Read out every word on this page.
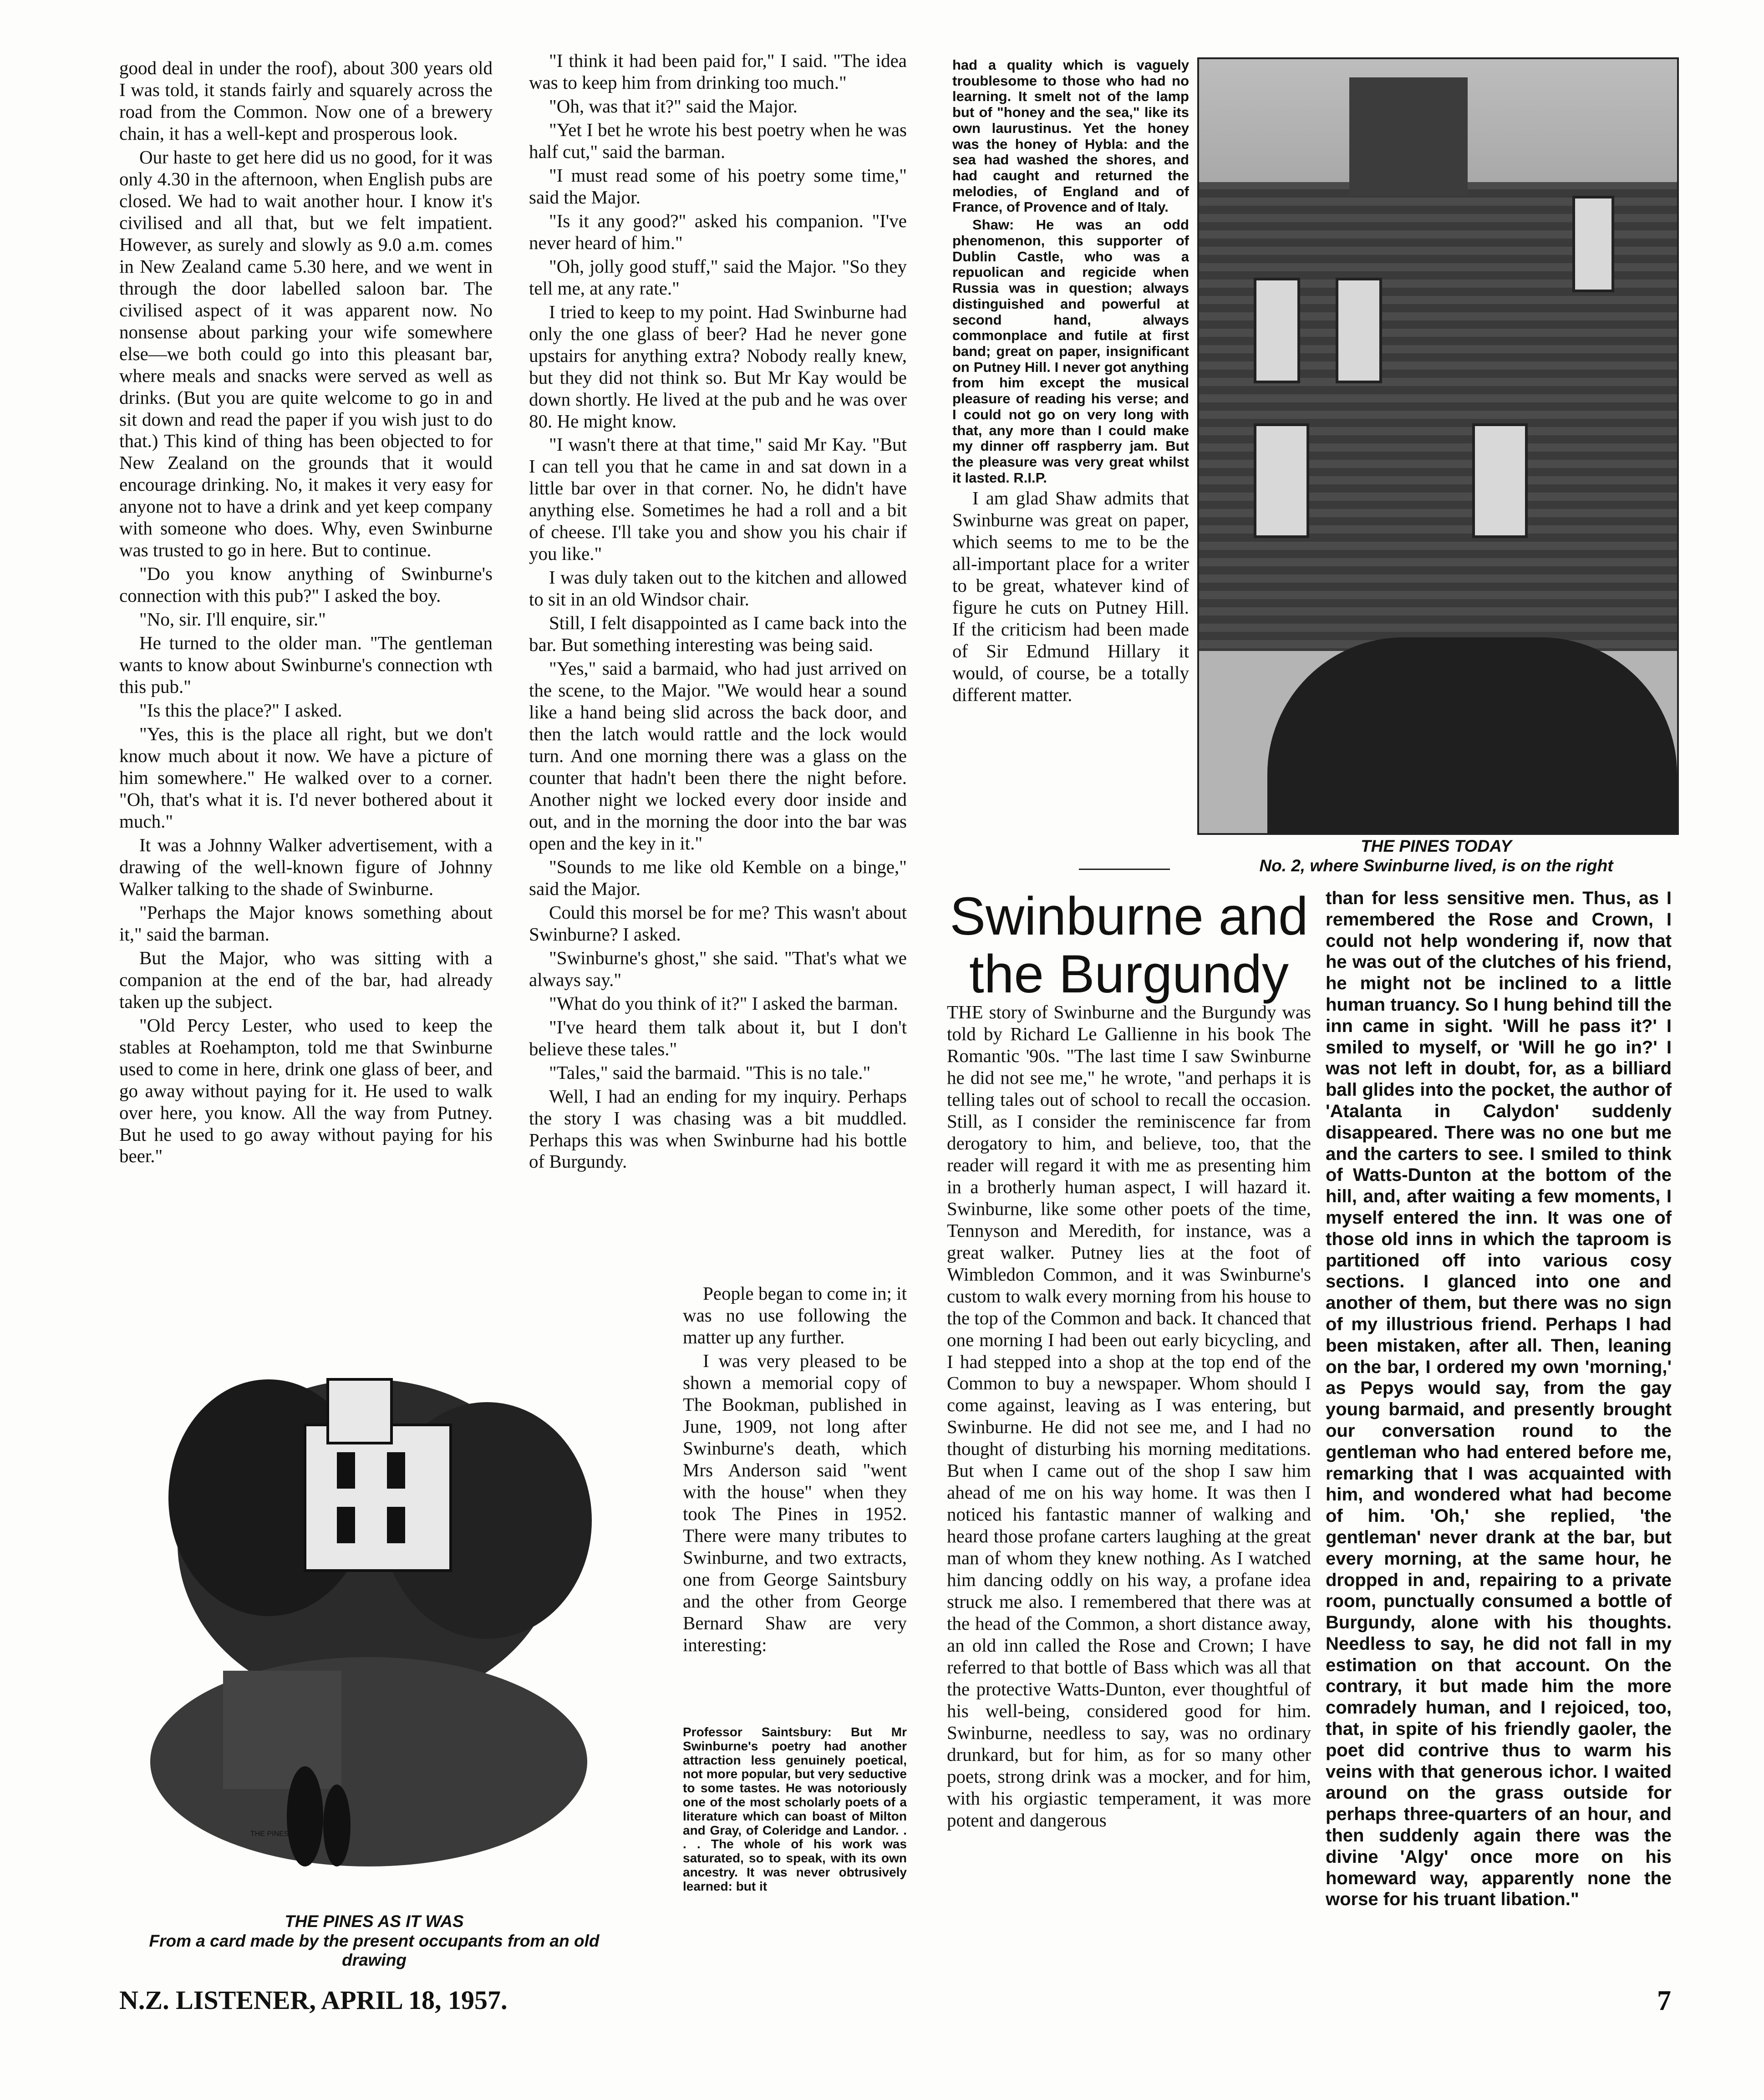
good deal in under the roof), about 300 years old I was told, it stands fairly and squarely across the road from the Common. Now one of a brewery chain, it has a well-kept and prosperous look.

Our haste to get here did us no good, for it was only 4.30 in the afternoon, when English pubs are closed. We had to wait another hour. I know it's civilised and all that, but we felt impatient. However, as surely and slowly as 9.0 a.m. comes in New Zealand came 5.30 here, and we went in through the door labelled saloon bar. The civilised aspect of it was apparent now. No nonsense about parking your wife somewhere else—we both could go into this pleasant bar, where meals and snacks were served as well as drinks. (But you are quite welcome to go in and sit down and read the paper if you wish just to do that.) This kind of thing has been objected to for New Zealand on the grounds that it would encourage drinking. No, it makes it very easy for anyone not to have a drink and yet keep company with someone who does. Why, even Swinburne was trusted to go in here. But to continue.

"Do you know anything of Swinburne's connection with this pub?" I asked the boy.

"No, sir. I'll enquire, sir."

He turned to the older man. "The gentleman wants to know about Swinburne's connection wth this pub."

"Is this the place?" I asked.

"Yes, this is the place all right, but we don't know much about it now. We have a picture of him somewhere." He walked over to a corner. "Oh, that's what it is. I'd never bothered about it much."

It was a Johnny Walker advertisement, with a drawing of the well-known figure of Johnny Walker talking to the shade of Swinburne.

"Perhaps the Major knows something about it," said the barman.

But the Major, who was sitting with a companion at the end of the bar, had already taken up the subject.

"Old Percy Lester, who used to keep the stables at Roehampton, told me that Swinburne used to come in here, drink one glass of beer, and go away without paying for it. He used to walk over here, you know. All the way from Putney. But he used to go away without paying for his beer."

"I think it had been paid for," I said. "The idea was to keep him from drinking too much."

"Oh, was that it?" said the Major.

"Yet I bet he wrote his best poetry when he was half cut," said the barman.

"I must read some of his poetry some time," said the Major.

"Is it any good?" asked his companion. "I've never heard of him."

"Oh, jolly good stuff," said the Major. "So they tell me, at any rate."

I tried to keep to my point. Had Swinburne had only the one glass of beer? Had he never gone upstairs for anything extra? Nobody really knew, but they did not think so. But Mr Kay would be down shortly. He lived at the pub and he was over 80. He might know.

"I wasn't there at that time," said Mr Kay. "But I can tell you that he came in and sat down in a little bar over in that corner. No, he didn't have anything else. Sometimes he had a roll and a bit of cheese. I'll take you and show you his chair if you like."

I was duly taken out to the kitchen and allowed to sit in an old Windsor chair.

Still, I felt disappointed as I came back into the bar. But something interesting was being said.

"Yes," said a barmaid, who had just arrived on the scene, to the Major. "We would hear a sound like a hand being slid across the back door, and then the latch would rattle and the lock would turn. And one morning there was a glass on the counter that hadn't been there the night before. Another night we locked every door inside and out, and in the morning the door into the bar was open and the key in it."

"Sounds to me like old Kemble on a binge," said the Major.

Could this morsel be for me? This wasn't about Swinburne? I asked.

"Swinburne's ghost," she said. "That's what we always say."

"What do you think of it?" I asked the barman.

"I've heard them talk about it, but I don't believe these tales."

"Tales," said the barmaid. "This is no tale."

Well, I had an ending for my inquiry. Perhaps the story I was chasing was a bit muddled. Perhaps this was when Swinburne had his bottle of Burgundy.

People began to come in; it was no use following the matter up any further.

I was very pleased to be shown a memorial copy of The Bookman, published in June, 1909, not long after Swinburne's death, which Mrs Anderson said "went with the house" when they took The Pines in 1952. There were many tributes to Swinburne, and two extracts, one from George Saintsbury and the other from George Bernard Shaw are very interesting:

Professor Saintsbury: But Mr Swinburne's poetry had another attraction less genuinely poetical, not more popular, but very seductive to some tastes. He was notoriously one of the most scholarly poets of a literature which can boast of Milton and Gray, of Coleridge and Landor. . . . The whole of his work was saturated, so to speak, with its own ancestry. It was never obtrusively learned: but it

had a quality which is vaguely troublesome to those who had no learning. It smelt not of the lamp but of "honey and the sea," like its own laurustinus. Yet the honey was the honey of Hybla: and the sea had washed the shores, and had caught and returned the melodies, of England and of France, of Provence and of Italy.

Shaw: He was an odd phenomenon, this supporter of Dublin Castle, who was a repuolican and regicide when Russia was in question; always distinguished and powerful at second hand, always commonplace and futile at first band; great on paper, insignificant on Putney Hill. I never got anything from him except the musical pleasure of reading his verse; and I could not go on very long with that, any more than I could make my dinner off raspberry jam. But the pleasure was very great whilst it lasted. R.I.P.

I am glad Shaw admits that Swinburne was great on paper, which seems to me to be the all-important place for a writer to be great, whatever kind of figure he cuts on Putney Hill. If the criticism had been made of Sir Edmund Hillary it would, of course, be a totally different matter.

THE PINES TODAY
No. 2, where Swinburne lived, is on the right
Swinburne and
the Burgundy

THE story of Swinburne and the Burgundy was told by Richard Le Gallienne in his book The Romantic '90s. "The last time I saw Swinburne he did not see me," he wrote, "and perhaps it is telling tales out of school to recall the occasion. Still, as I consider the reminiscence far from derogatory to him, and believe, too, that the reader will regard it with me as presenting him in a brotherly human aspect, I will hazard it. Swinburne, like some other poets of the time, Tennyson and Meredith, for instance, was a great walker. Putney lies at the foot of Wimbledon Common, and it was Swinburne's custom to walk every morning from his house to the top of the Common and back. It chanced that one morning I had been out early bicycling, and I had stepped into a shop at the top end of the Common to buy a newspaper. Whom should I come against, leaving as I was entering, but Swinburne. He did not see me, and I had no thought of disturbing his morning meditations. But when I came out of the shop I saw him ahead of me on his way home. It was then I noticed his fantastic manner of walking and heard those profane carters laughing at the great man of whom they knew nothing. As I watched him dancing oddly on his way, a profane idea struck me also. I remembered that there was at the head of the Common, a short distance away, an old inn called the Rose and Crown; I have referred to that bottle of Bass which was all that the protective Watts-Dunton, ever thoughtful of his well-being, considered good for him. Swinburne, needless to say, was no ordinary drunkard, but for him, as for so many other poets, strong drink was a mocker, and for him, with his orgiastic temperament, it was more potent and dangerous

than for less sensitive men. Thus, as I remembered the Rose and Crown, I could not help wondering if, now that he was out of the clutches of his friend, he might not be inclined to a little human truancy. So I hung behind till the inn came in sight. 'Will he pass it?' I smiled to myself, or 'Will he go in?' I was not left in doubt, for, as a billiard ball glides into the pocket, the author of 'Atalanta in Calydon' suddenly disappeared. There was no one but me and the carters to see. I smiled to think of Watts-Dunton at the bottom of the hill, and, after waiting a few moments, I myself entered the inn. It was one of those old inns in which the taproom is partitioned off into various cosy sections. I glanced into one and another of them, but there was no sign of my illustrious friend. Perhaps I had been mistaken, after all. Then, leaning on the bar, I ordered my own 'morning,' as Pepys would say, from the gay young barmaid, and presently brought our conversation round to the gentleman who had entered before me, remarking that I was acquainted with him, and wondered what had become of him. 'Oh,' she replied, 'the gentleman' never drank at the bar, but every morning, at the same hour, he dropped in and, repairing to a private room, punctually consumed a bottle of Burgundy, alone with his thoughts. Needless to say, he did not fall in my estimation on that account. On the contrary, it but made him the more comradely human, and I rejoiced, too, that, in spite of his friendly gaoler, the poet did contrive thus to warm his veins with that generous ichor. I waited around on the grass outside for perhaps three-quarters of an hour, and then suddenly again there was the divine 'Algy' once more on his homeward way, apparently none the worse for his truant libation."

THE PINES PUTNEY
THE PINES AS IT WAS
From a card made by the present occupants from an old drawing
N.Z. LISTENER, APRIL 18, 1957.	7
